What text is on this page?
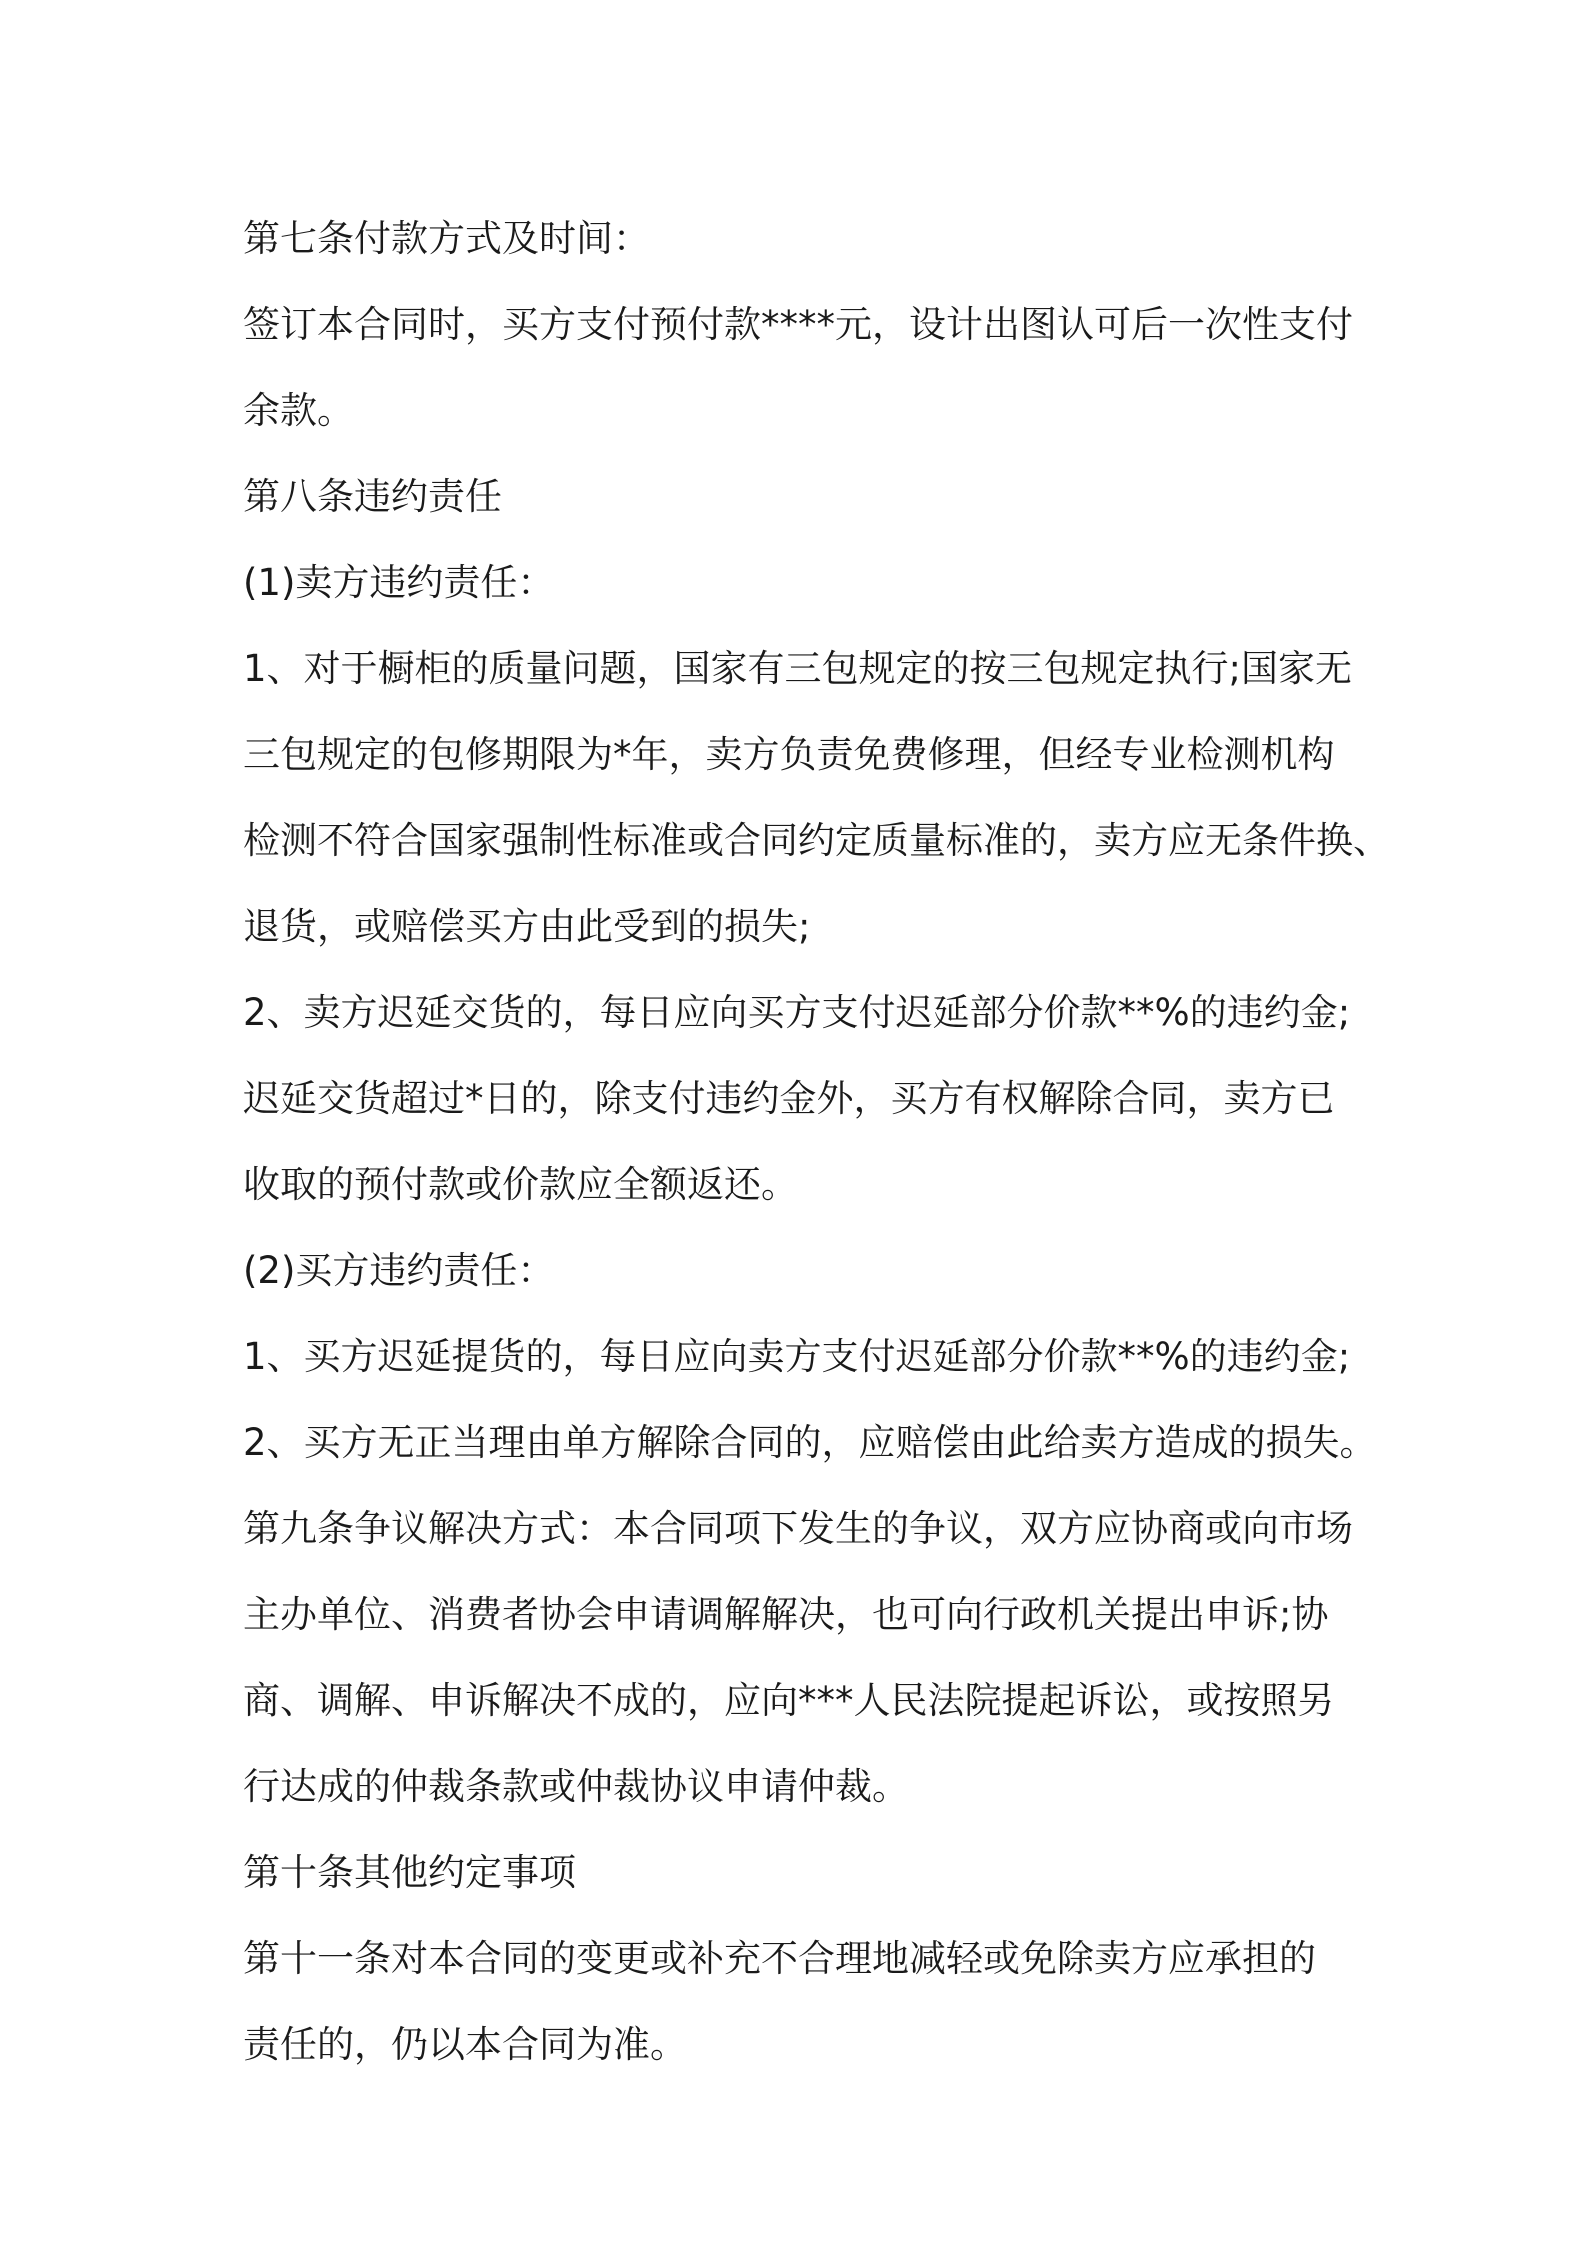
第七条付款方式及时间：
签订本合同时，买方支付预付款****元，设计出图认可后一次性支付
余款。
第八条违约责任
(1)卖方违约责任：
1、对于橱柜的质量问题，国家有三包规定的按三包规定执行;国家无
三包规定的包修期限为*年，卖方负责免费修理，但经专业检测机构
检测不符合国家强制性标准或合同约定质量标准的，卖方应无条件换、
退货，或赔偿买方由此受到的损失;
2、卖方迟延交货的，每日应向买方支付迟延部分价款**%的违约金;
迟延交货超过*日的，除支付违约金外，买方有权解除合同，卖方已
收取的预付款或价款应全额返还。
(2)买方违约责任：
1、买方迟延提货的，每日应向卖方支付迟延部分价款**%的违约金;
2、买方无正当理由单方解除合同的，应赔偿由此给卖方造成的损失。
第九条争议解决方式：本合同项下发生的争议，双方应协商或向市场
主办单位、消费者协会申请调解解决，也可向行政机关提出申诉;协
商、调解、申诉解决不成的，应向***人民法院提起诉讼，或按照另
行达成的仲裁条款或仲裁协议申请仲裁。
第十条其他约定事项
第十一条对本合同的变更或补充不合理地减轻或免除卖方应承担的
责任的，仍以本合同为准。
